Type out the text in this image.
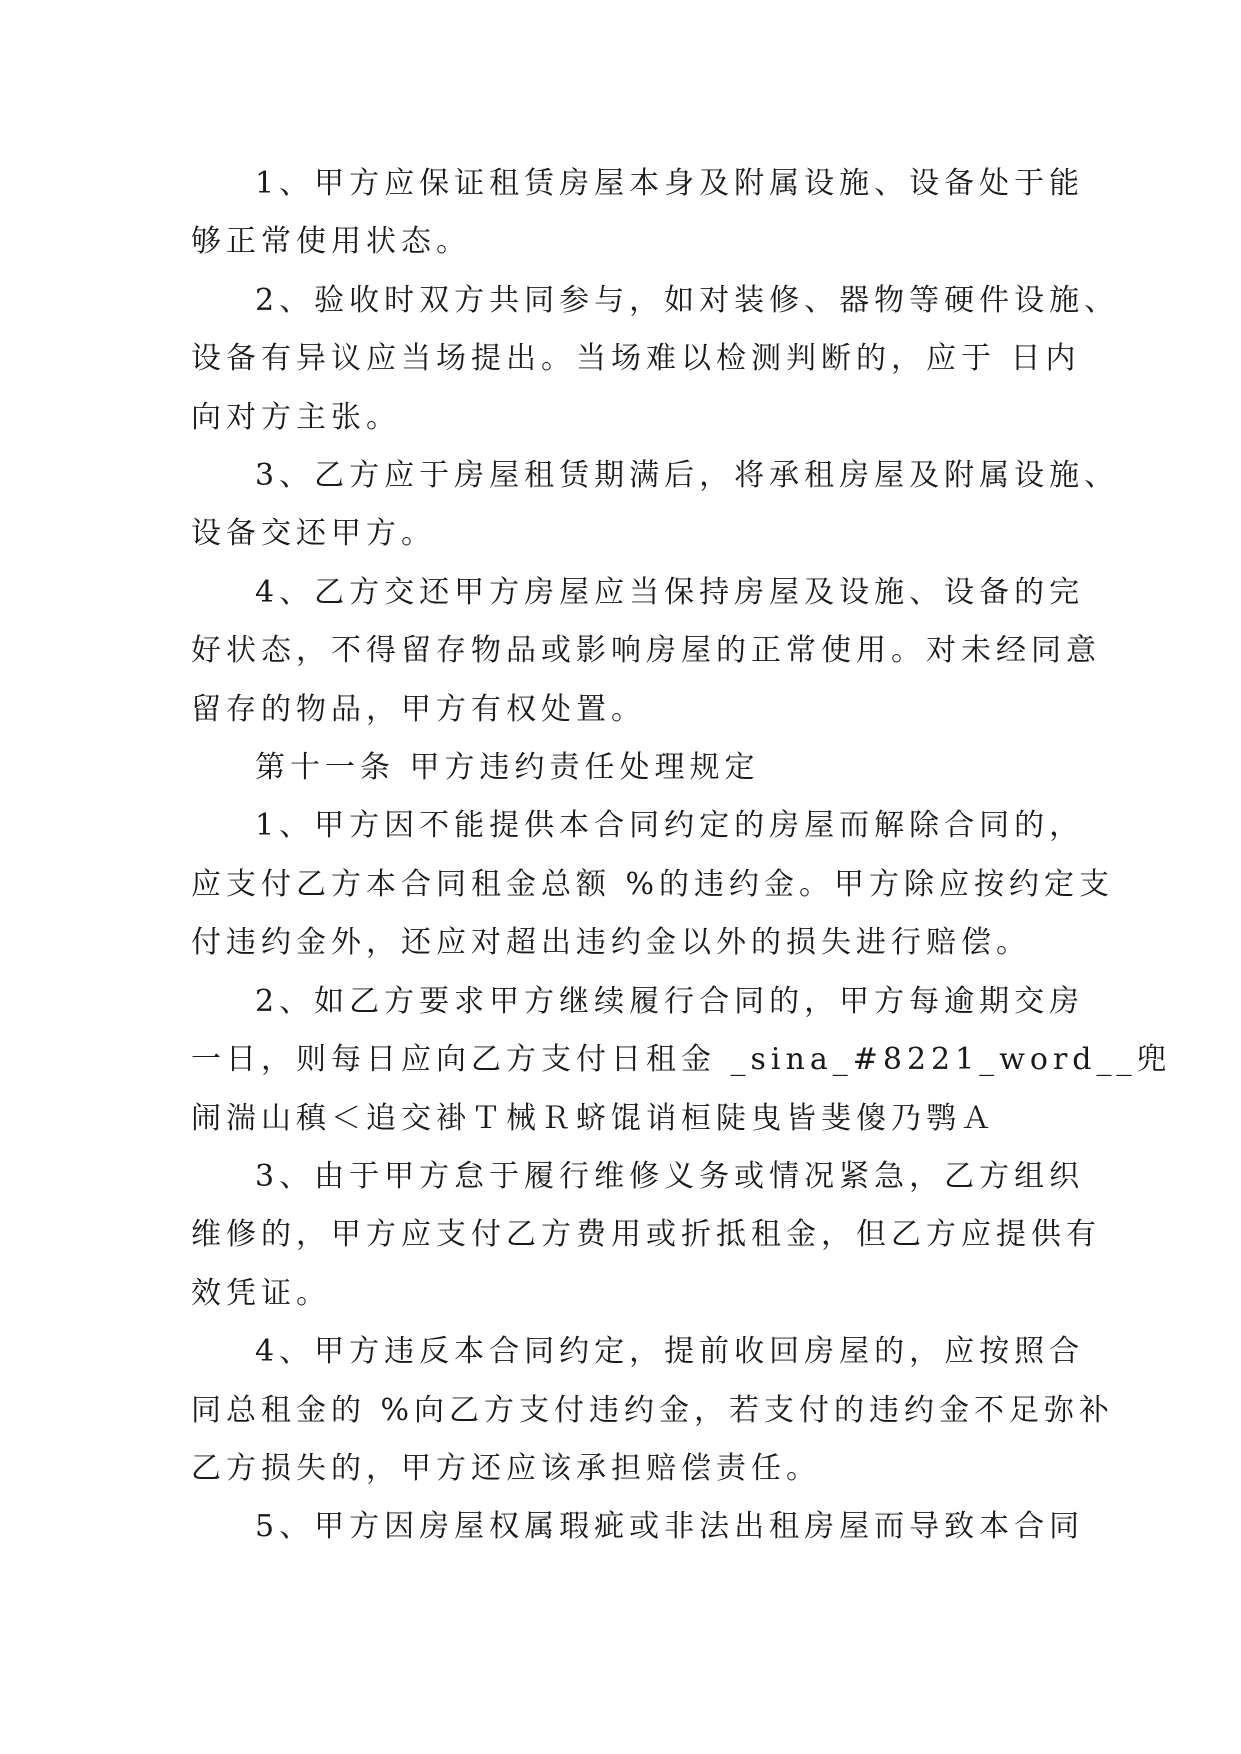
1、甲方应保证租赁房屋本身及附属设施、设备处于能
够正常使用状态。

2、验收时双方共同参与，如对装修、器物等硬件设施、
设备有异议应当场提出。当场难以检测判断的，应于 日内
向对方主张。

3、乙方应于房屋租赁期满后，将承租房屋及附属设施、
设备交还甲方。

4、乙方交还甲方房屋应当保持房屋及设施、设备的完
好状态，不得留存物品或影响房屋的正常使用。对未经同意
留存的物品，甲方有权处置。

第十一条 甲方违约责任处理规定

1、甲方因不能提供本合同约定的房屋而解除合同的，
应支付乙方本合同租金总额 %的违约金。甲方除应按约定支
付违约金外，还应对超出违约金以外的损失进行赔偿。

2、如乙方要求甲方继续履行合同的，甲方每逾期交房
一日，则每日应向乙方支付日租金 _sina_#8221_word__兜
闹湍山稹＜追交褂Ｔ械Ｒ蛴馄诮桓陡曳皆斐傻乃鹗Ａ

3、由于甲方怠于履行维修义务或情况紧急，乙方组织
维修的，甲方应支付乙方费用或折抵租金，但乙方应提供有
效凭证。

4、甲方违反本合同约定，提前收回房屋的，应按照合
同总租金的 %向乙方支付违约金，若支付的违约金不足弥补
乙方损失的，甲方还应该承担赔偿责任。

5、甲方因房屋权属瑕疵或非法出租房屋而导致本合同
